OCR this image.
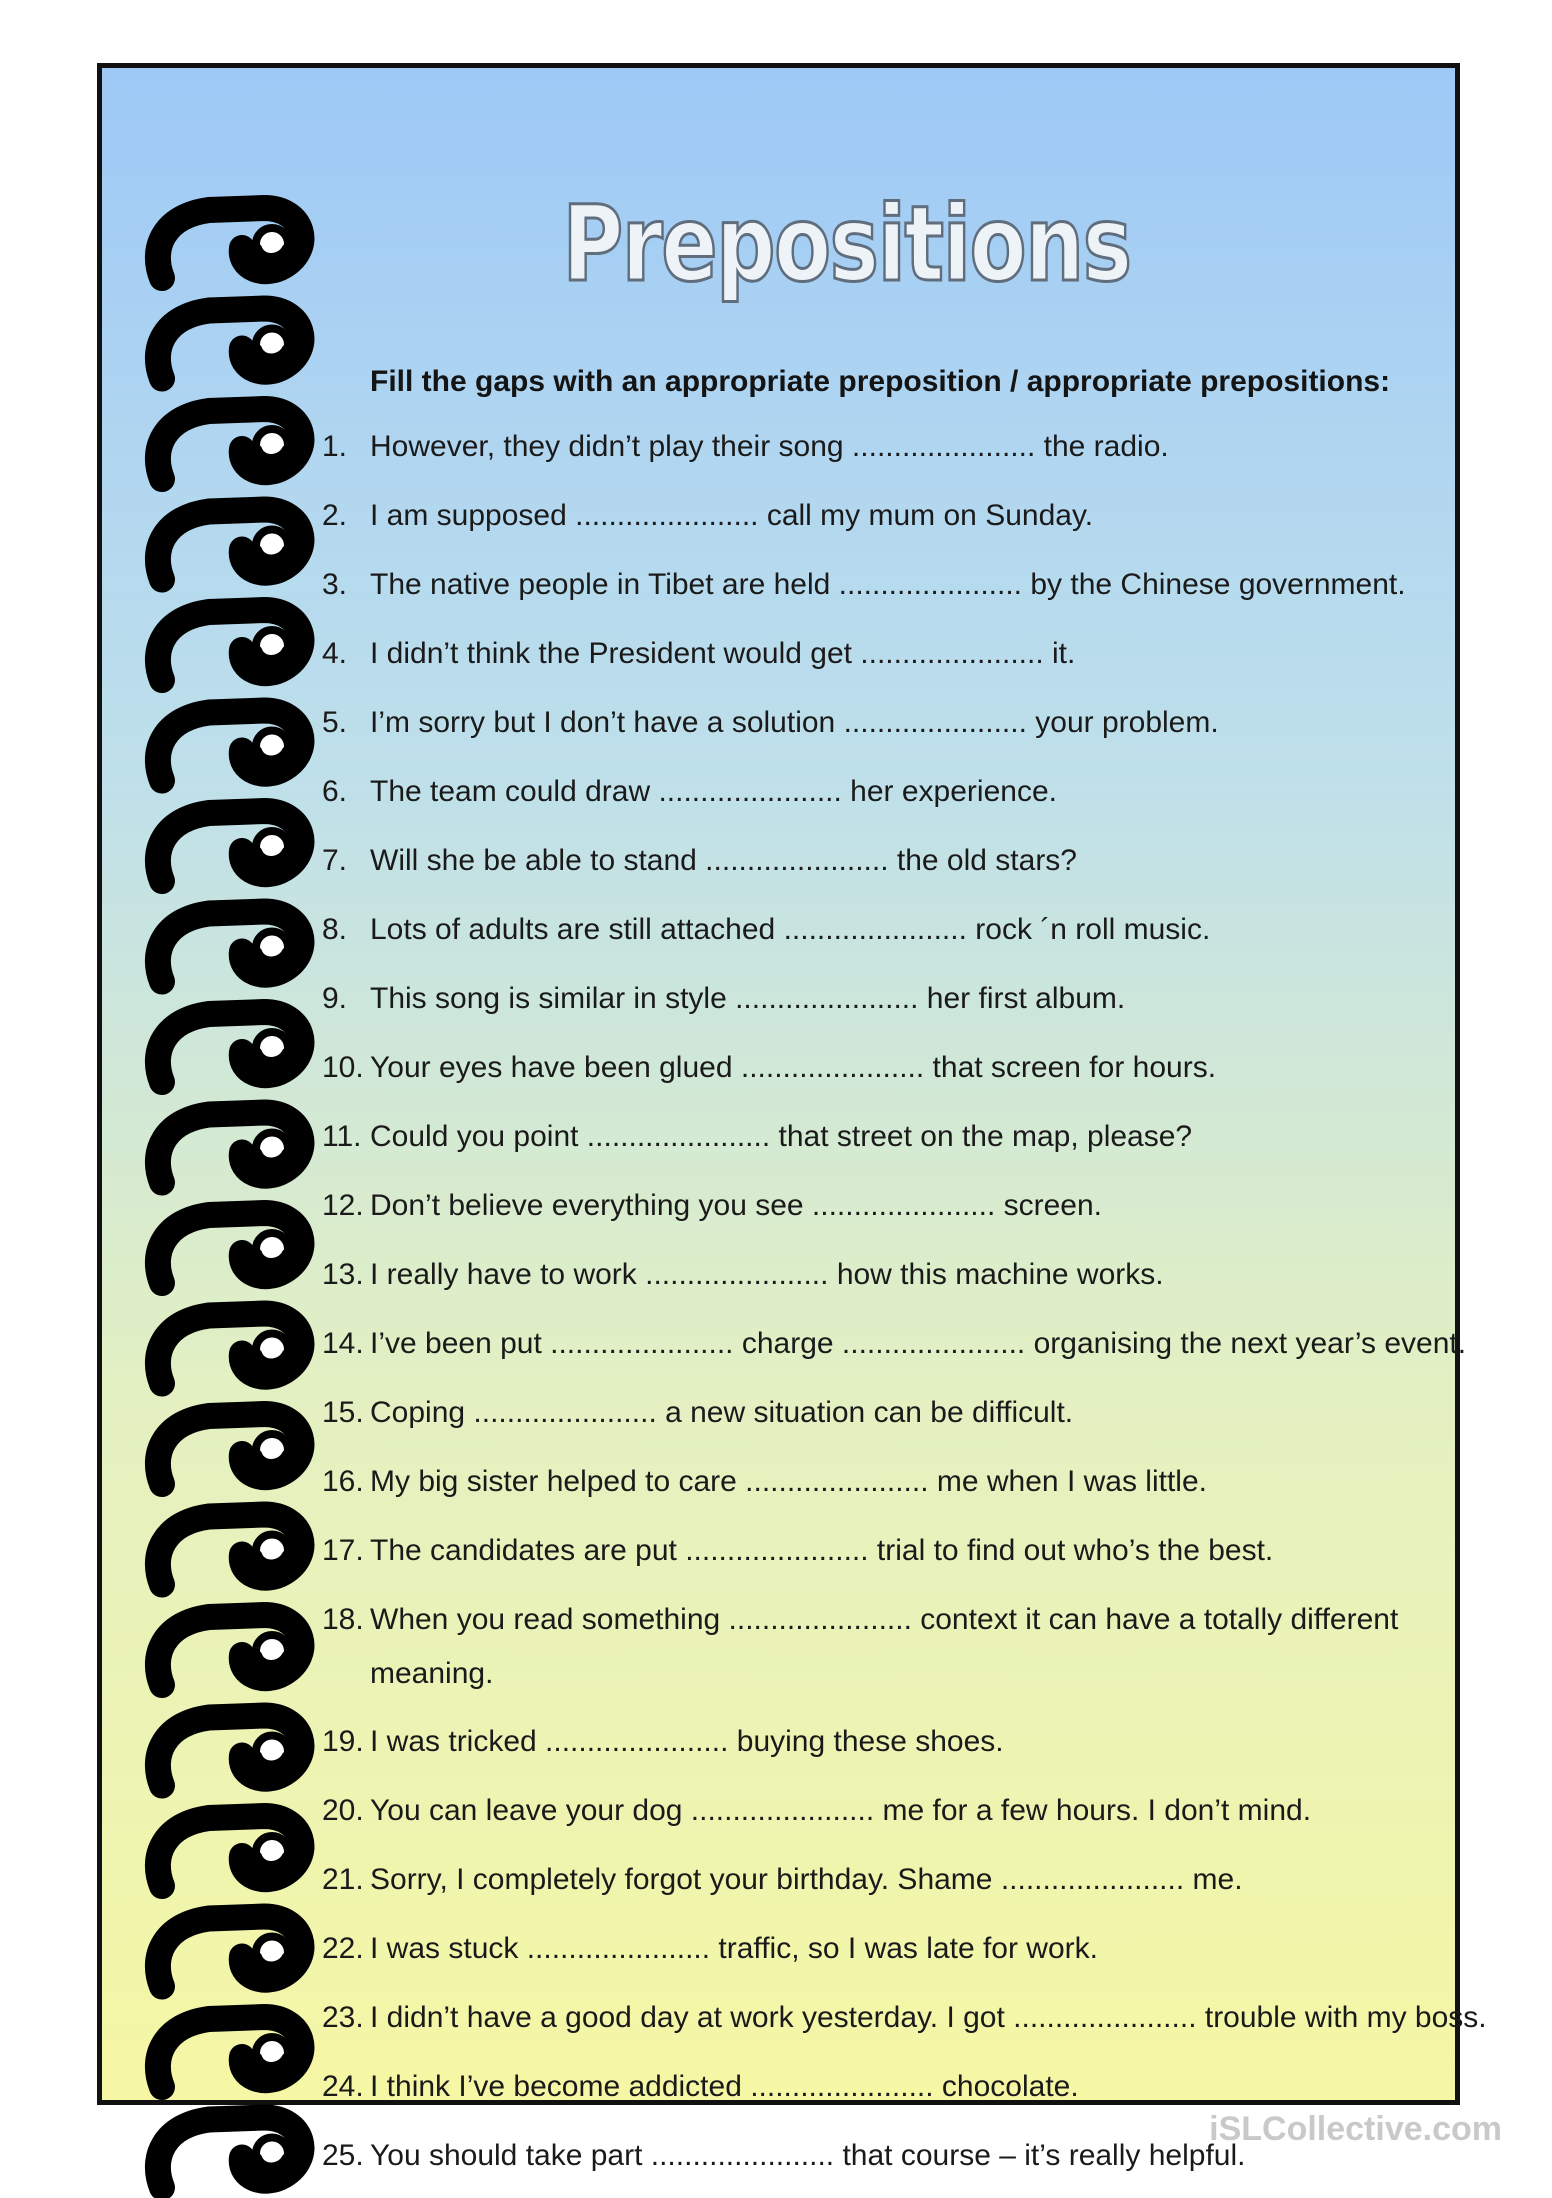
Prepositions
Fill the gaps with an appropriate preposition / appropriate prepositions:
1. However, they didn’t play their song ...................... the radio.
2. I am supposed ...................... call my mum on Sunday.
3. The native people in Tibet are held ...................... by the Chinese government.
4. I didn’t think the President would get ...................... it.
5. I’m sorry but I don’t have a solution ...................... your problem.
6. The team could draw ...................... her experience.
7. Will she be able to stand ...................... the old stars?
8. Lots of adults are still attached ...................... rock ´n roll music.
9. This song is similar in style ...................... her first album.
10. Your eyes have been glued ...................... that screen for hours.
11. Could you point ...................... that street on the map, please?
12. Don’t believe everything you see ...................... screen.
13. I really have to work ...................... how this machine works.
14. I’ve been put ...................... charge ...................... organising the next year’s event.
15. Coping ...................... a new situation can be difficult.
16. My big sister helped to care ...................... me when I was little.
17. The candidates are put ...................... trial to find out who’s the best.
18. When you read something ...................... context it can have a totally different
meaning.
19. I was tricked ...................... buying these shoes.
20. You can leave your dog ...................... me for a few hours. I don’t mind.
21. Sorry, I completely forgot your birthday. Shame ...................... me.
22. I was stuck ...................... traffic, so I was late for work.
23. I didn’t have a good day at work yesterday. I got ...................... trouble with my boss.
24. I think I’ve become addicted ...................... chocolate.
25. You should take part ...................... that course – it’s really helpful.
iSLCollective.com
